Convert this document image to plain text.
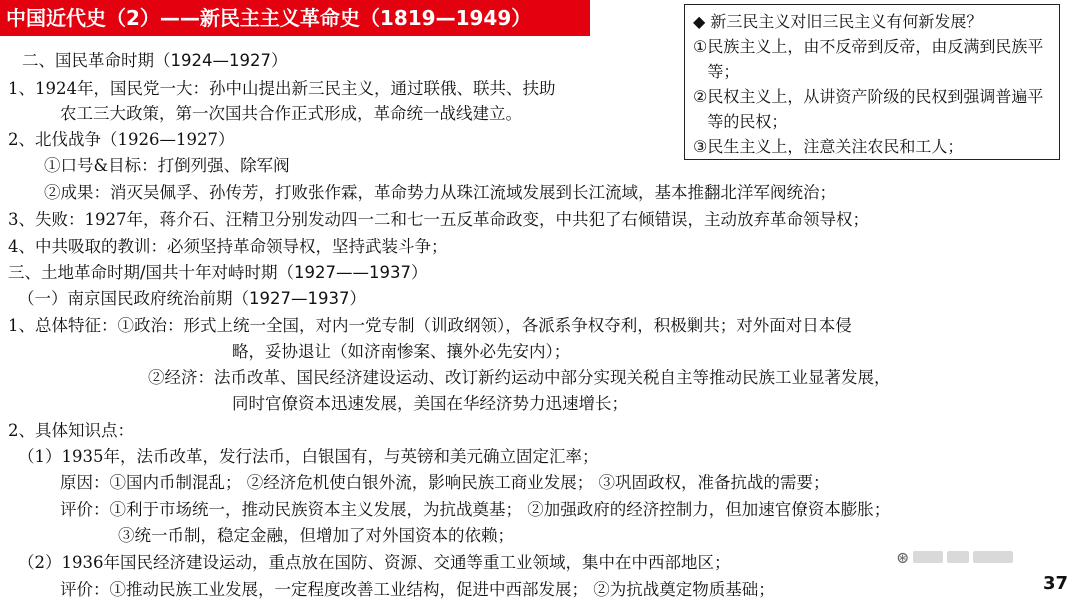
中国近代史（2）——新民主主义革命史（1819—1949）	◆ 新三民主义对旧三民主义有何新发展？
① 民族主义上，由不反帝到反帝，由反满到民族平等；
② 民权主义上，从讲资产阶级的民权到强调普遍平等的民权；
③ 民生主义上，注意关注农民和工人；
二、国民革命时期（1924—1927）
1、1924年，国民党一大：孙中山提出新三民主义，通过联俄、联共、扶助
农工三大政策，第一次国共合作正式形成，革命统一战线建立。
2、北伐战争（1926—1927）
①口号&目标：打倒列强、除军阀
②成果：消灭吴佩孚、孙传芳，打败张作霖，革命势力从珠江流域发展到长江流域，基本推翻北洋军阀统治；
3、失败：1927年，蒋介石、汪精卫分别发动四一二和七一五反革命政变，中共犯了右倾错误，主动放弃革命领导权；
4、中共吸取的教训：必须坚持革命领导权，坚持武装斗争；
三、土地革命时期/国共十年对峙时期（1927——1937）
（一）南京国民政府统治前期（1927—1937）
1、总体特征：①政治：形式上统一全国，对内一党专制（训政纲领），各派系争权夺利，积极剿共；对外面对日本侵
略，妥协退让（如济南惨案、攘外必先安内）；
②经济：法币改革、国民经济建设运动、改订新约运动中部分实现关税自主等推动民族工业显著发展，
同时官僚资本迅速发展，美国在华经济势力迅速增长；
2、具体知识点：
（1）1935年，法币改革，发行法币，白银国有，与英镑和美元确立固定汇率；
原因：①国内币制混乱； ②经济危机使白银外流，影响民族工商业发展； ③巩固政权，准备抗战的需要；
评价：①利于市场统一，推动民族资本主义发展，为抗战奠基； ②加强政府的经济控制力，但加速官僚资本膨胀；
③统一币制，稳定金融，但增加了对外国资本的依赖；
（2）1936年国民经济建设运动，重点放在国防、资源、交通等重工业领域，集中在中西部地区；
评价：①推动民族工业发展，一定程度改善工业结构，促进中西部发展； ②为抗战奠定物质基础；
⊛
37
